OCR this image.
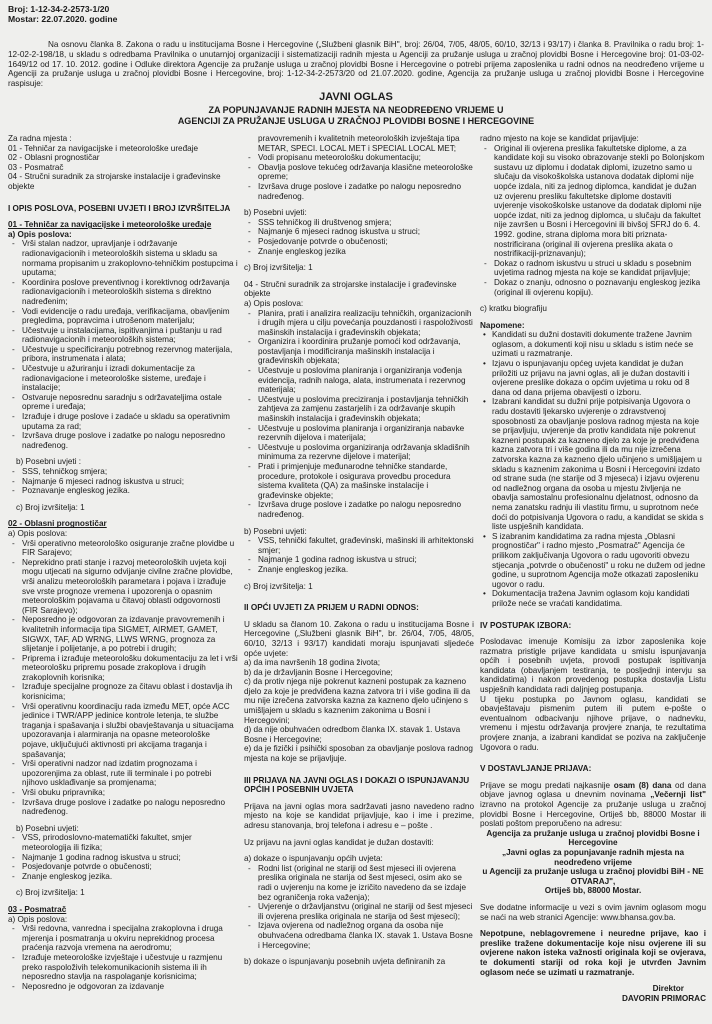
Broj: 1-12-34-2-2573-1/20
Mostar: 22.07.2020. godine
Na osnovu članka 8. Zakona o radu u institucijama Bosne i Hercegovine („Službeni glasnik BiH", broj: 26/04, 7/05, 48/05, 60/10, 32/13 i 93/17) i članka 8. Pravilnika o radu broj: 1-12-02-2-198/18, u skladu s odredbama Pravilnika o unutarnjoj organizaciji i sistematizaciji radnih mjesta u Agenciji za pružanje usluga u zračnoj plovidbi Bosne i Hercegovine broj: 01-03-02-1649/12 od 17. 10. 2012. godine i Odluke direktora Agencije za pružanje usluga u zračnoj plovidbi Bosne i Hercegovine o potrebi prijema zaposlenika u radni odnos na neodređeno vrijeme u Agenciji za pružanje usluga u zračnoj plovidbi Bosne i Hercegovine, broj: 1-12-34-2-2573/20 od 21.07.2020. godine, Agencija za pružanje usluga u zračnoj plovidbi Bosne i Hercegovine raspisuje:
JAVNI OGLAS
ZA POPUNJAVANJE RADNIH MJESTA NA NEODREĐENO VRIJEME U
AGENCIJI ZA PRUŽANJE USLUGA U ZRAČNOJ PLOVIDBI BOSNE I HERCEGOVINE

Za radna mjesta :

01 - Tehničar za navigacijske i meteorološke uređaje

02 - Oblasni prognostičar

03 - Posmatrač

04 - Stručni suradnik za strojarske instalacije i građevinske objekte

I OPIS POSLOVA, POSEBNI UVJETI I BROJ IZVRŠITELJA

01 - Tehničar za navigacijske i meteorološke uređaje

a) Opis poslova:

- Vrši stalan nadzor, upravljanje i održavanje radionavigacionih i meteoroloških sistema u skladu sa normama propisanim u zrakoplovno-tehničkim postupcima i uputama;
- Koordinira poslove preventivnog i korektivnog održavanja radionavigacionih i meteoroloških sistema s direktno nadređenim;
- Vodi evidencije o radu uređaja, verifikacijama, obavljenim pregledima, popravcima i utrošenom materijalu;
- Učestvuje u instalacijama, ispitivanjima i puštanju u rad radionavigacionih i meteoroloških sistema;
- Učestvuje u specificiranju potrebnog rezervnog materijala, pribora, instrumenata i alata;
- Učestvuje u ažuriranju i izradi dokumentacije za radionavigacione i meteorološke sisteme, uređaje i instalacije;
- Ostvaruje neposrednu saradnju s održavateljima ostale opreme i uređaja;
- Izrađuje i druge poslove i zadaće u skladu sa operativnim uputama za rad;
- Izvršava druge poslove i zadatke po nalogu neposredno nadređenog.

b) Posebni uvjeti :

- SSS, tehničkog smjera;
- Najmanje 6 mjeseci radnog iskustva u struci;
- Poznavanje engleskog jezika.

c) Broj izvršitelja: 1

02 - Oblasni prognostičar

a) Opis poslova:

- Vrši operativno meteorološko osiguranje zračne plovidbe u FIR Sarajevo;
- Neprekidno prati stanje i razvoj meteoroloških uvjeta koji mogu utjecati na sigurno odvijanje civilne zračne plovidbe, vrši analizu meteoroloških parametara i pojava i izrađuje sve vrste prognoze vremena i upozorenja o opasnim meteorološkim pojavama u čitavoj oblasti odgovornosti (FIR Sarajevo);
- Neposredno je odgovoran za izdavanje pravovremenih i kvalitetnih informacija tipa SIGMET, AIRMET, GAMET, SIGWX, TAF, AD WRNG, LLWS WRNG, prognoza za slijetanje i polijetanje, a po potrebi i drugih;
- Priprema i izrađuje meteorološku dokumentaciju za let i vrši meteorološku pripremu posade zrakoplova i drugih zrakoplovnih korisnika;
- Izrađuje specijalne prognoze za čitavu oblast i dostavlja ih korisnicima;
- Vrši operativnu koordinaciju rada između MET, opće ACC jedinice i TWR/APP jedinice kontrole letenja, te službe traganja i spašavanja i službi obavještavanja u situacijama upozoravanja i alarmiranja na opasne meteorološke pojave, uključujući aktivnosti pri akcijama traganja i spašavanja;
- Vrši operativni nadzor nad izdatim prognozama i upozorenjima za oblast, rute ili terminale i po potrebi njihovo usklađivanje sa promjenama;
- Vrši obuku pripravnika;
- Izvršava druge poslove i zadatke po nalogu neposredno nadređenog.

b) Posebni uvjeti:

- VSS, prirodoslovno-matematički fakultet, smjer meteorologija ili fizika;
- Najmanje 1 godina radnog iskustva u struci;
- Posjedovanje potvrde o obučenosti;
- Znanje engleskog jezika.

c) Broj izvršitelja: 1

03 - Posmatrač

a) Opis poslova:

- Vrši redovna, vanredna i specijalna zrakoplovna i druga mjerenja i posmatranja u okviru neprekidnog procesa praćenja razvoja vremena na aerodromu;
- Izrađuje meteorološke izvještaje i učestvuje u razmjenu preko raspoloživih telekomunikacionih sistema ili ih neposredno stavlja na raspolaganje korisnicima;
- Neposredno je odgovoran za izdavanje

pravovremenih i kvalitetnih meteoroloških izvještaja tipa METAR, SPECI. LOCAL MET i SPECIAL LOCAL MET;

- Vodi propisanu meteorološku dokumentaciju;
- Obavlja poslove tekućeg održavanja klasične meteorološke opreme;
- Izvršava druge poslove i zadatke po nalogu neposredno nadređenog.

b) Posebni uvjeti:

- SSS tehničkog ili društvenog smjera;
- Najmanje 6 mjeseci radnog iskustva u struci;
- Posjedovanje potvrde o obučenosti;
- Znanje engleskog jezika

c) Broj izvršitelja: 1

04 - Stručni suradnik za strojarske instalacije i građevinske objekte

a) Opis poslova:

- Planira, prati i analizira realizaciju tehničkih, organizacionih i drugih mjera u cilju povećanja pouzdanosti i raspoloživosti mašinskih instalacija i građevinskih objekata;
- Organizira i koordinira pružanje pomoći kod održavanja, postavljanja i modificiranja mašinskih instalacija i građevinskih objekata;
- Učestvuje u poslovima planiranja i organiziranja vođenja evidencija, radnih naloga, alata, instrumenata i rezervnog materijala;
- Učestvuje u poslovima preciziranja i postavljanja tehničkih zahtjeva za zamjenu zastarjelih i za održavanje skupih mašinskih instalacija i građevinskih objekata;
- Učestvuje u poslovima planiranja i organiziranja nabavke rezervnih dijelova i materijala;
- Učestvuje u poslovima organiziranja održavanja skladišnih minimuma za rezervne dijelove i materijal;
- Prati i primjenjuje međunarodne tehničke standarde, procedure, protokole i osigurava provedbu procedura sistema kvaliteta (QA) za mašinske instalacije i građevinske objekte;
- Izvršava druge poslove i zadatke po nalogu neposredno nadređenog.

b) Posebni uvjeti:

- VSS, tehnički fakultet, građevinski, mašinski ili arhitektonski smjer;
- Najmanje 1 godina radnog iskustva u struci;
- Znanje engleskog jezika.

c) Broj izvršitelja: 1

II OPĆI UVJETI ZA PRIJEM U RADNI ODNOS:

U skladu sa članom 10. Zakona o radu u institucijama Bosne i Hercegovine („Službeni glasnik BiH", br. 26/04, 7/05, 48/05, 60/10, 32/13 i 93/17) kandidati moraju ispunjavati sljedeće opće uvjete:

a) da ima navršenih 18 godina života;

b) da je državljanin Bosne i Hercegovine;

c) da protiv njega nije pokrenut kazneni postupak za kazneno djelo za koje je predviđena kazna zatvora tri i više godina ili da mu nije izrečena zatvorska kazna za kazneno djelo učinjeno s umišljajem u skladu s kaznenim zakonima u Bosni i Hercegovini;

d) da nije obuhvaćen odredbom članka IX. stavak 1. Ustava Bosne i Hercegovine;

e) da je fizički i psihički sposoban za obavljanje poslova radnog mjesta na koje se prijavljuje.

III PRIJAVA NA JAVNI OGLAS I DOKAZI O ISPUNJAVANJU OPĆIH I POSEBNIH UVJETA

Prijava na javni oglas mora sadržavati jasno navedeno radno mjesto na koje se kandidat prijavljuje, kao i ime i prezime, adresu stanovanja, broj telefona i adresu e – pošte .

Uz prijavu na javni oglas kandidat je dužan dostaviti:

a) dokaze o ispunjavanju općih uvjeta:

- Rodni list (original ne stariji od šest mjeseci ili ovjerena preslika originala ne starija od šest mjeseci, osim ako se radi o uvjerenju na kome je izričito navedeno da se izdaje bez ograničenja roka važenja);
- Uvjerenje o državljanstvu (original ne stariji od šest mjeseci ili ovjerena preslika originala ne starija od šest mjeseci);
- Izjava ovjerena od nadležnog organa da osoba nije obuhvaćena odredbama članka IX. stavak 1. Ustava Bosne i Hercegovine;

b) dokaze o ispunjavanju posebnih uvjeta definiranih za

radno mjesto na koje se kandidat prijavljuje:

- Original ili ovjerena preslika fakultetske diplome, a za kandidate koji su visoko obrazovanje stekli po Bolonjskom sustavu uz diplomu i dodatak diplomi, izuzetno samo u slučaju da visokoškolska ustanova dodatak diplomi nije uopće izdala, niti za jednog diplomca, kandidat je dužan uz ovjerenu presliku fakultetske diplome dostaviti uvjerenje visokoškolske ustanove da dodatak diplomi nije uopće izdat, niti za jednog diplomca, u slučaju da fakultet nije završen u Bosni i Hercegovini ili bivšoj SFRJ do 6. 4. 1992. godine, strana diploma mora biti priznata-nostrificirana (original ili ovjerena preslika akata o nostrifikaciji-priznavanju);
- Dokaz o radnom iskustvu u struci u skladu s posebnim uvjetima radnog mjesta na koje se kandidat prijavljuje;
- Dokaz o znanju, odnosno o poznavanju engleskog jezika (original ili ovjerenu kopiju).

c) kratku biografiju

Napomene:

• Kandidati su dužni dostaviti dokumente tražene Javnim oglasom, a dokumenti koji nisu u skladu s istim neće se uzimati u razmatranje.
• Izjavu o ispunjavanju općeg uvjeta kandidat je dužan priložiti uz prijavu na javni oglas, ali je dužan dostaviti i ovjerene preslike dokaza o općim uvjetima u roku od 8 dana od dana prijema obavijesti o izboru.
• Izabrani kandidat su dužni prije potpisivanja Ugovora o radu dostaviti ljekarsko uvjerenje o zdravstvenoj sposobnosti za obavljanje poslova radnog mjesta na koje se prijavljuju, uvjerenje da protiv kandidata nije pokrenut kazneni postupak za kazneno djelo za koje je predviđena kazna zatvora tri i više godina ili da mu nije izrečena zatvorska kazna za kazneno djelo učinjeno s umišljajem u skladu s kaznenim zakonima u Bosni i Hercegovini izdato od strane suda (ne starije od 3 mjeseca) i izjavu ovjerenu od nadležnog organa da osoba u mjestu življenja ne obavlja samostalnu profesionalnu djelatnost, odnosno da nema zanatsku radnju ili vlastitu firmu, u suprotnom neće doći do potpisivanja Ugovora o radu, a kandidat se skida s liste uspješnih kandidata.
• S izabranim kandidatima za radna mjesta „Oblasni prognostičar" i radno mjesto „Posmatrač" Agencija će prilikom zaključivanja Ugovora o radu ugovoriti obvezu stjecanja „potvrde o obučenosti" u roku ne dužem od jedne godine, u suprotnom Agencija može otkazati zaposleniku ugovor o radu.
• Dokumentacija tražena Javnim oglasom koju kandidati prilože neće se vraćati kandidatima.

IV POSTUPAK IZBORA:

Poslodavac imenuje Komisiju za izbor zaposlenika koje razmatra pristigle prijave kandidata u smislu ispunjavanja općih i posebnih uvjeta, provodi postupak ispitivanja kandidata (obavljanjem testiranja, te posljednji intervju sa kandidatima) i nakon provedenog postupka dostavlja Listu uspješnih kandidata radi daljnjeg postupanja.
U tijeku postupka po Javnom oglasu, kandidati se obavještavaju pismenim putem ili putem e-pošte o eventualnom odbacivanju njihove prijave, o nadnevku, vremenu i mjestu održavanja provjere znanja, te rezultatima provjere znanja, a izabrani kandidat se poziva na zaključenje Ugovora o radu.

V DOSTAVLJANJE PRIJAVA:

Prijave se mogu predati najkasnije osam (8) dana od dana objave javnog oglasa u dnevnim novinama „Večernji list" izravno na protokol Agencije za pružanje usluga u zračnoj plovidbi Bosne i Hercegovine, Ortiješ bb, 88000 Mostar ili poslati poštom preporučeno na adresu:

Agencija za pružanje usluga u zračnoj plovidbi Bosne i Hercegovine

„Javni oglas za popunjavanje radnih mjesta na neodređeno vrijeme

u Agenciji za pružanje usluga u zračnoj plovidbi BiH - NE OTVARAJ",

Ortiješ bb, 88000 Mostar.

Sve dodatne informacije u vezi s ovim javnim oglasom mogu se naći na web stranici Agencije: www.bhansa.gov.ba.

Nepotpune, neblagovremene i neuredne prijave, kao i preslike tražene dokumentacije koje nisu ovjerene ili su ovjerene nakon isteka važnosti originala koji se ovjerava, te dokumenti stariji od roka koji je utvrđen Javnim oglasom neće se uzimati u razmatranje.

Direktor

DAVORIN PRIMORAC
